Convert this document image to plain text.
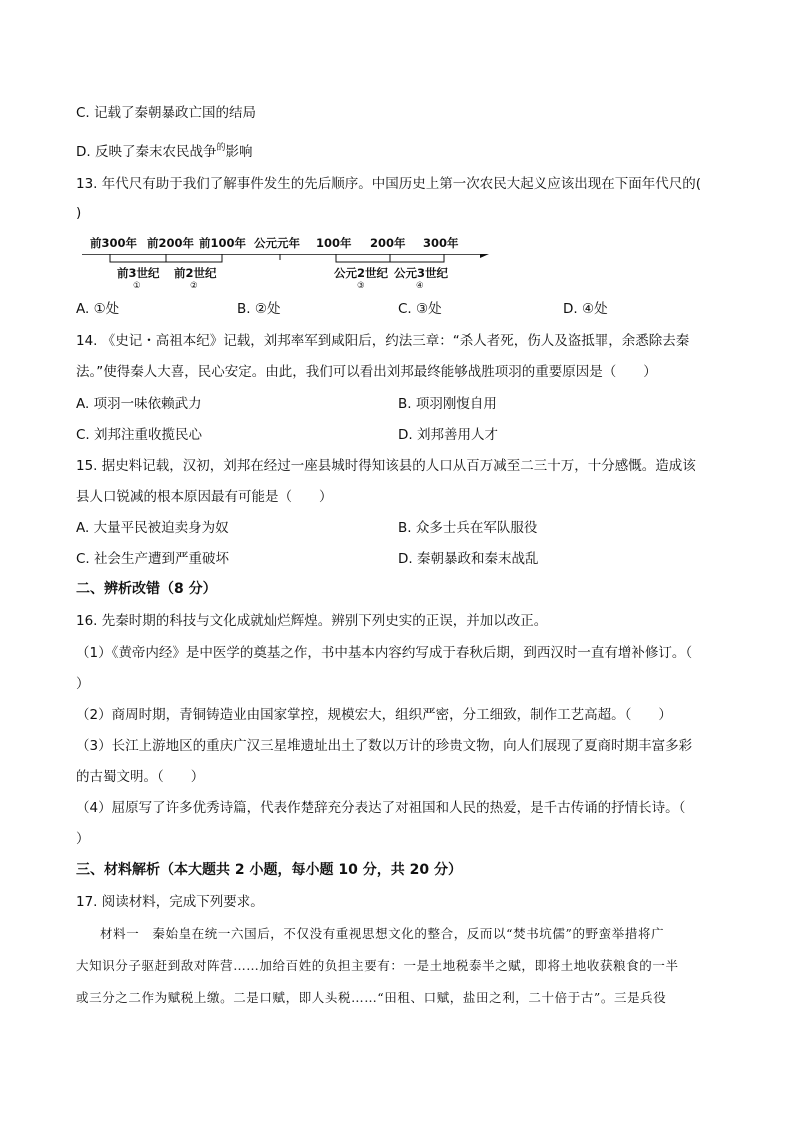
C. 记载了秦朝暴政亡国的结局
D. 反映了秦末农民战争$^的$影响
13. 年代尺有助于我们了解事件发生的先后顺序。中国历史上第一次农民大起义应该出现在下面年代尺的(
)
前300年 前200年 前100年 公元元年 100年 200年 300年
前3世纪 前2世纪	公元2世纪 公元3世纪
①	②	③	④
A. ①处	B. ②处	C. ③处	D. ④处
14. 《史记・高祖本纪》记载，刘邦率军到咸阳后，约法三章：“杀人者死，伤人及盗抵罪，余悉除去秦
法。”使得秦人大喜，民心安定。由此，我们可以看出刘邦最终能够战胜项羽的重要原因是（　　）
A. 项羽一味依赖武力	B. 项羽刚愎自用
C. 刘邦注重收揽民心	D. 刘邦善用人才
15. 据史料记载，汉初，刘邦在经过一座县城时得知该县的人口从百万减至二三十万，十分感慨。造成该
县人口锐减的根本原因最有可能是（　　）
A. 大量平民被迫卖身为奴	B. 众多士兵在军队服役
C. 社会生产遭到严重破坏	D. 秦朝暴政和秦末战乱
二、辨析改错（8 分）
16. 先秦时期的科技与文化成就灿烂辉煌。辨别下列史实的正误，并加以改正。
（1）《黄帝内经》是中医学的奠基之作，书中基本内容约写成于春秋后期，到西汉时一直有增补修订。（
）
（2）商周时期，青铜铸造业由国家掌控，规模宏大，组织严密，分工细致，制作工艺高超。（　　）
（3）长江上游地区的重庆广汉三星堆遗址出土了数以万计的珍贵文物，向人们展现了夏商时期丰富多彩
的古蜀文明。（　　）
（4）屈原写了许多优秀诗篇，代表作楚辞充分表达了对祖国和人民的热爱，是千古传诵的抒情长诗。（
）
三、材料解析（本大题共 2 小题，每小题 10 分，共 20 分）
17. 阅读材料，完成下列要求。
材料一　秦始皇在统一六国后，不仅没有重视思想文化的整合，反而以“焚书坑儒”的野蛮举措将广
大知识分子驱赶到敌对阵营……加给百姓的负担主要有：一是土地税泰半之赋，即将土地收获粮食的一半
或三分之二作为赋税上缴。二是口赋，即人头税……“田租、口赋，盐田之利，二十倍于古”。三是兵役
